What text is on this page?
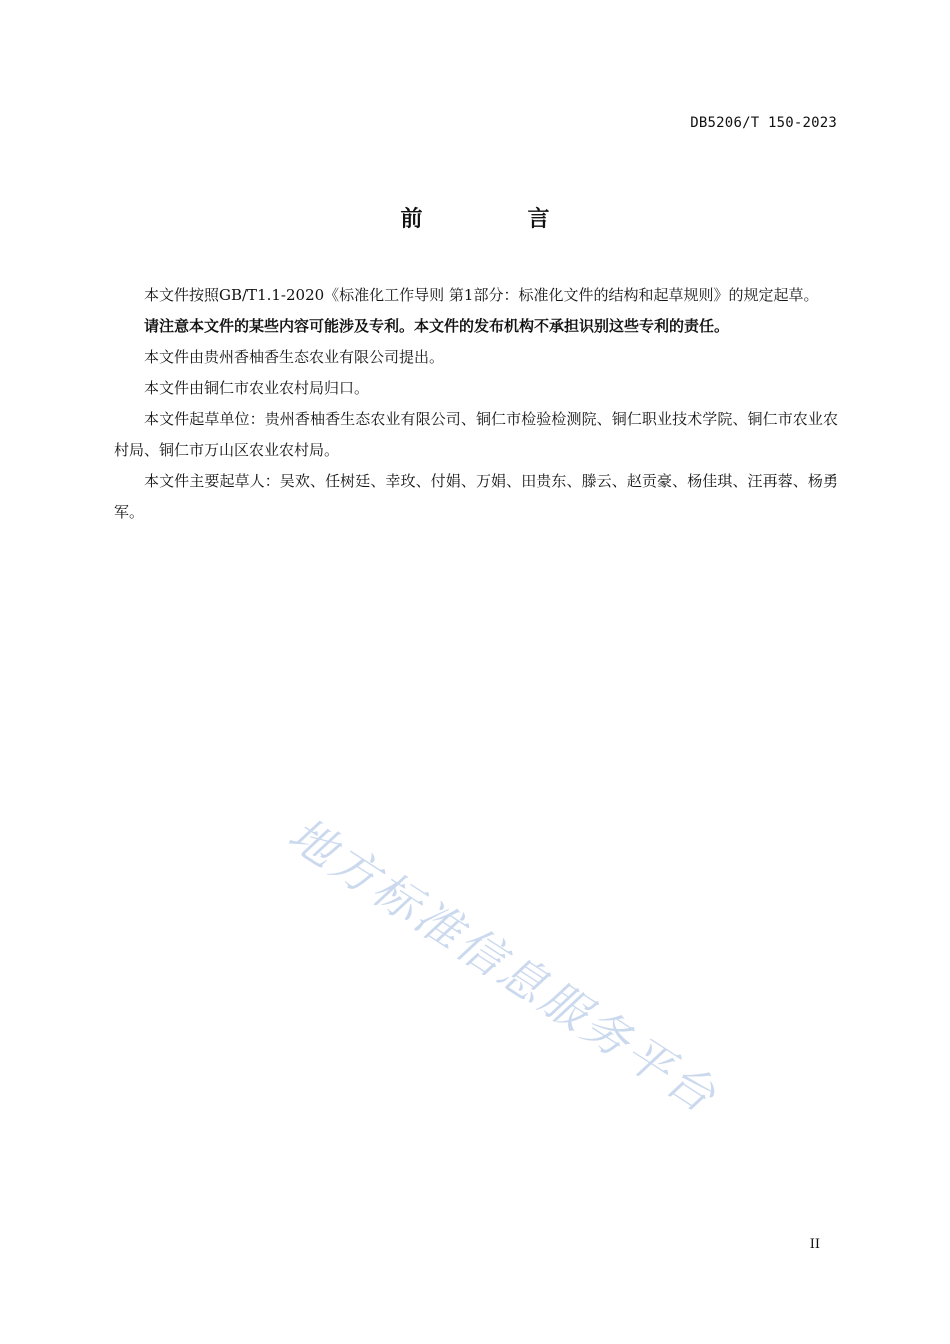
DB5206/T 150-2023
前言

本文件按照GB/T1.1-2020《标准化工作导则 第1部分：标准化文件的结构和起草规则》的规定起草。

请注意本文件的某些内容可能涉及专利。本文件的发布机构不承担识别这些专利的责任。

本文件由贵州香柚香生态农业有限公司提出。

本文件由铜仁市农业农村局归口。

本文件起草单位：贵州香柚香生态农业有限公司、铜仁市检验检测院、铜仁职业技术学院、铜仁市农业农村局、铜仁市万山区农业农村局。

本文件主要起草人：吴欢、任树廷、幸玫、付娟、万娟、田贵东、滕云、赵贡豪、杨佳琪、汪再蓉、杨勇军。

地方标准信息服务平台
II
